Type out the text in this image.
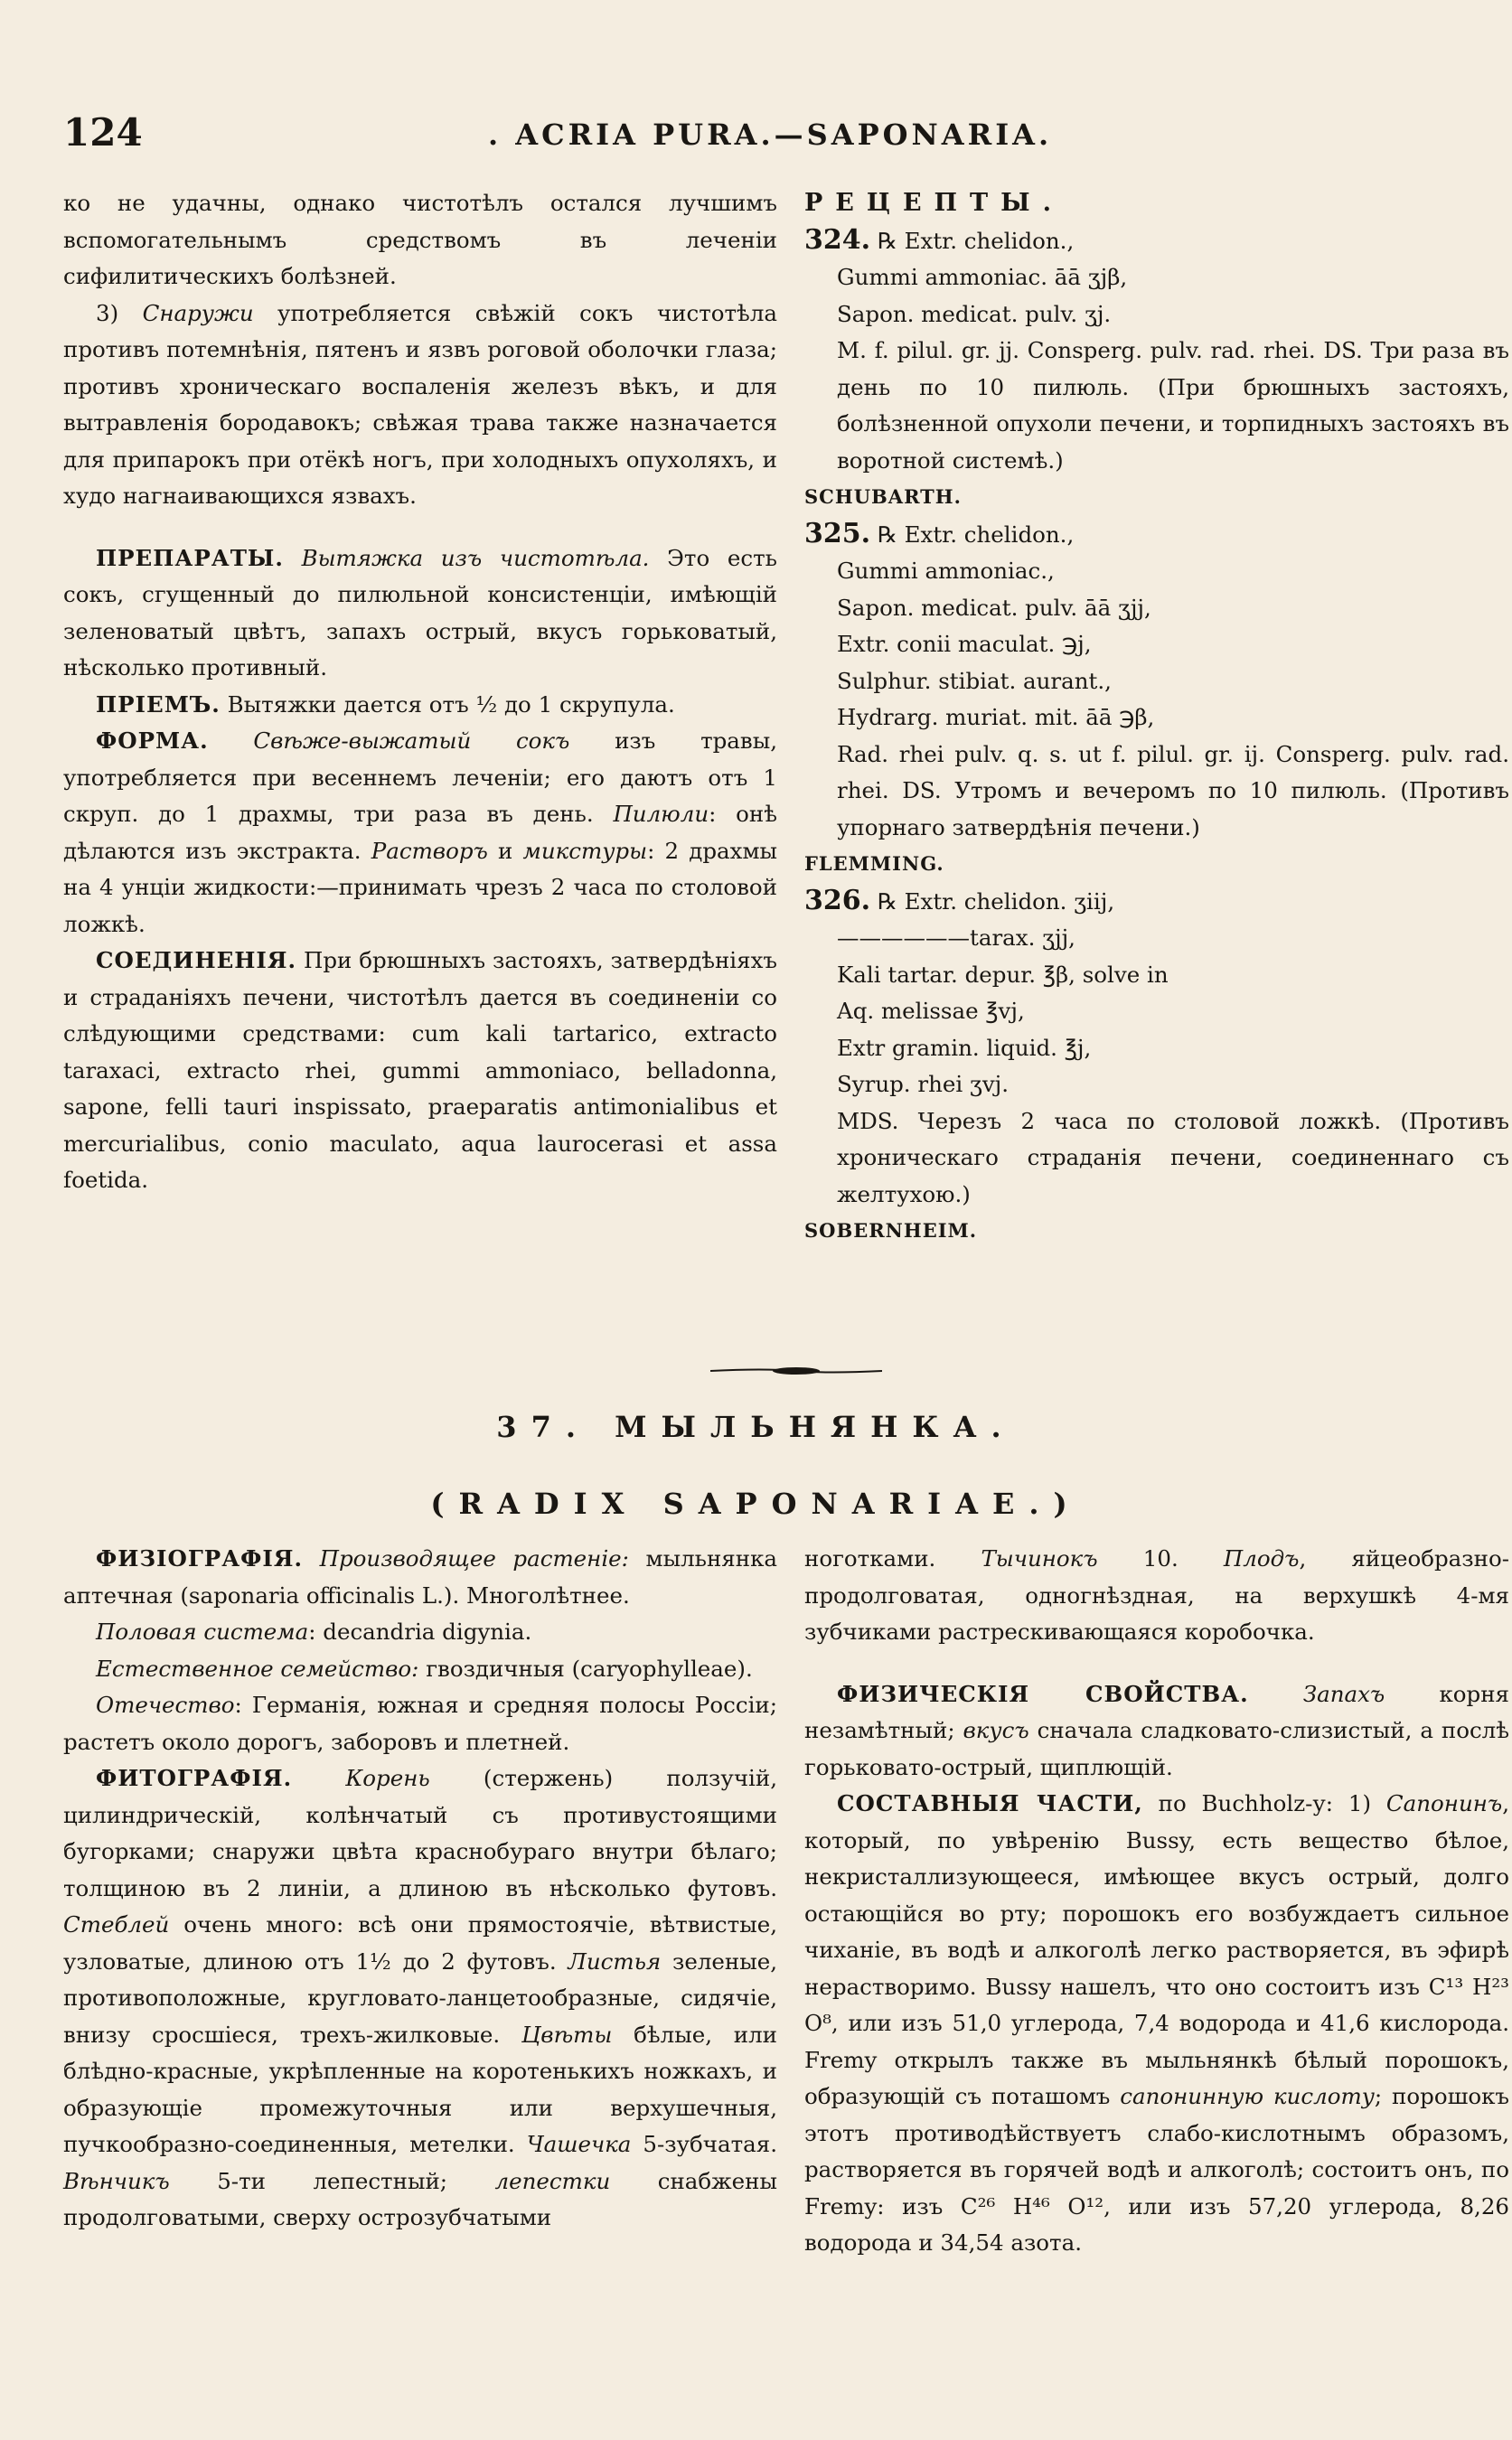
124	. ACRIA PURA.—SAPONARIA.

ко не удачны, однако чистотѣлъ остался лучшимъ вспомогательнымъ средствомъ въ леченіи сифилитическихъ болѣзней.

3) Снаружи употребляется свѣжій сокъ чистотѣла противъ потемнѣнія, пятенъ и язвъ роговой оболочки глаза; противъ хроническаго воспаленія железъ вѣкъ, и для вытравленія бородавокъ; свѣжая трава также назначается для припарокъ при отёкѣ ногъ, при холодныхъ опухоляхъ, и худо нагнаивающихся язвахъ.

ПРЕПАРАТЫ. Вытяжка изъ чистотѣла. Это есть сокъ, сгущенный до пилюльной консистенціи, имѣющій зеленоватый цвѣтъ, запахъ острый, вкусъ горьковатый, нѣсколько противный.

ПРІЕМЪ. Вытяжки дается отъ ½ до 1 скрупула.

ФОРМА. Свѣже-выжатый сокъ изъ травы, употребляется при весеннемъ леченіи; его даютъ отъ 1 скруп. до 1 драхмы, три раза въ день. Пилюли: онѣ дѣлаются изъ экстракта. Растворъ и микстуры: 2 драхмы на 4 унціи жидкости:—принимать чрезъ 2 часа по столовой ложкѣ.

СОЕДИНЕНІЯ. При брюшныхъ застояхъ, затвердѣніяхъ и страданіяхъ печени, чистотѣлъ дается въ соединеніи со слѣдующими средствами: cum kali tartarico, extracto taraxaci, extracto rhei, gummi ammoniaco, belladonna, sapone, felli tauri inspissato, praeparatis antimonialibus et mercurialibus, conio maculato, aqua laurocerasi et assa foetida.

РЕЦЕПТЫ.

324. ℞ Extr. chelidon.,

Gummi ammoniac. āā ʒjβ,

Sapon. medicat. pulv. ʒj.

M. f. pilul. gr. jj. Consperg. pulv. rad. rhei. DS. Три раза въ день по 10 пилюль. (При брюшныхъ застояхъ, болѣзненной опухоли печени, и торпидныхъ застояхъ въ воротной системѣ.)

SCHUBARTH.

325. ℞ Extr. chelidon.,

Gummi ammoniac.,

Sapon. medicat. pulv. āā ʒjj,

Extr. conii maculat. ℈j,

Sulphur. stibiat. aurant.,

Hydrarg. muriat. mit. āā ℈β,

Rad. rhei pulv. q. s. ut f. pilul. gr. ij. Consperg. pulv. rad. rhei. DS. Утромъ и вечеромъ по 10 пилюль. (Противъ упорнаго затвердѣнія печени.)

FLEMMING.

326. ℞ Extr. chelidon. ʒiij,

——————tarax. ʒjj,

Kali tartar. depur. ℥β, solve in

Aq. melissae ℥vj,

Extr gramin. liquid. ℥j,

Syrup. rhei ʒvj.

MDS. Черезъ 2 часа по столовой ложкѣ. (Противъ хроническаго страданія печени, соединеннаго съ желтухою.)

SOBERNHEIM.

37. МЫЛЬНЯНКА.
(RADIX SAPONARIAE.)

ФИЗІОГРАФІЯ. Производящее растеніе: мыльнянка аптечная (saponaria officinalis L.). Многолѣтнее.

Половая система: decandria digynia.

Естественное семейство: гвоздичныя (caryophylleae).

Отечество: Германія, южная и средняя полосы Россіи; растетъ около дорогъ, заборовъ и плетней.

ФИТОГРАФІЯ. Корень (стержень) ползучій, цилиндрическій, колѣнчатый съ противустоящими бугорками; снаружи цвѣта краснобураго внутри бѣлаго; толщиною въ 2 линіи, а длиною въ нѣсколько футовъ. Стеблей очень много: всѣ они прямостоячіе, вѣтвистые, узловатые, длиною отъ 1½ до 2 футовъ. Листья зеленые, противоположные, кругловато-ланцетообразные, сидячіе, внизу сросшіеся, трехъ-жилковые. Цвѣты бѣлые, или блѣдно-красные, укрѣпленные на коротенькихъ ножкахъ, и образующіе промежуточныя или верхушечныя, пучкообразно-соединенныя, метелки. Чашечка 5-зубчатая. Вѣнчикъ 5-ти лепестный; лепестки снабжены продолговатыми, сверху острозубчатыми

ноготками. Тычинокъ 10. Плодъ, яйцеобразно-продолговатая, одногнѣздная, на верхушкѣ 4-мя зубчиками растрескивающаяся коробочка.

ФИЗИЧЕСКІЯ СВОЙСТВА. Запахъ корня незамѣтный; вкусъ сначала сладковато-слизистый, а послѣ горьковато-острый, щиплющій.

СОСТАВНЫЯ ЧАСТИ, по Buchholz-у: 1) Сапонинъ, который, по увѣренію Bussy, есть вещество бѣлое, некристаллизующееся, имѣющее вкусъ острый, долго остающійся во рту; порошокъ его возбуждаетъ сильное чиханіе, въ водѣ и алкоголѣ легко растворяется, въ эфирѣ нерастворимо. Bussy нашелъ, что оно состоитъ изъ C¹³ H²³ O⁸, или изъ 51,0 углерода, 7,4 водорода и 41,6 кислорода. Fremy открылъ также въ мыльнянкѣ бѣлый порошокъ, образующій съ поташомъ сапонинную кислоту; порошокъ этотъ противодѣйствуетъ слабо-кислотнымъ образомъ, растворяется въ горячей водѣ и алкоголѣ; состоитъ онъ, по Fremy: изъ C²⁶ H⁴⁶ O¹², или изъ 57,20 углерода, 8,26 водорода и 34,54 азота.
